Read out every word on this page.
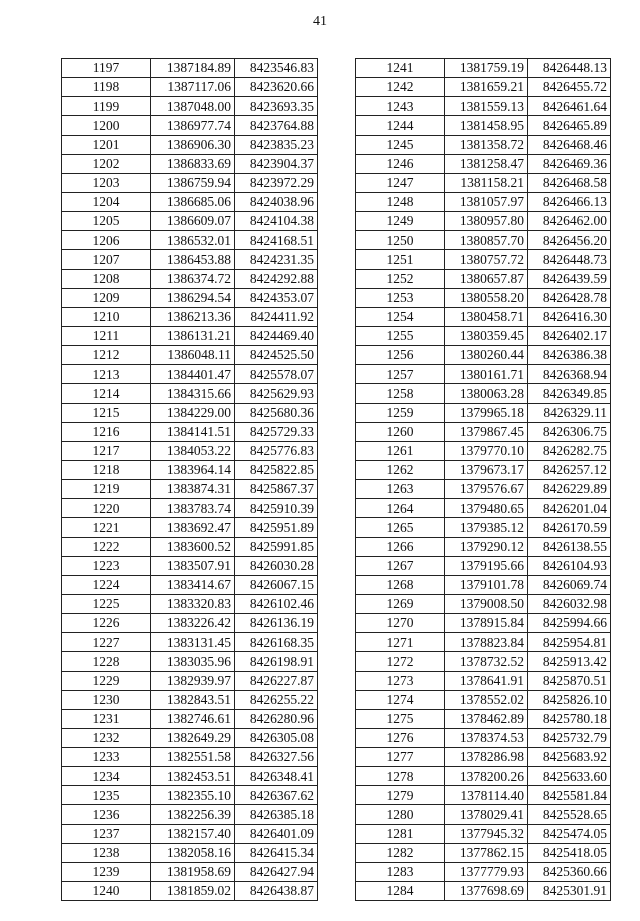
41
1197	1387184.89	8423546.83
1198	1387117.06	8423620.66
1199	1387048.00	8423693.35
1200	1386977.74	8423764.88
1201	1386906.30	8423835.23
1202	1386833.69	8423904.37
1203	1386759.94	8423972.29
1204	1386685.06	8424038.96
1205	1386609.07	8424104.38
1206	1386532.01	8424168.51
1207	1386453.88	8424231.35
1208	1386374.72	8424292.88
1209	1386294.54	8424353.07
1210	1386213.36	8424411.92
1211	1386131.21	8424469.40
1212	1386048.11	8424525.50
1213	1384401.47	8425578.07
1214	1384315.66	8425629.93
1215	1384229.00	8425680.36
1216	1384141.51	8425729.33
1217	1384053.22	8425776.83
1218	1383964.14	8425822.85
1219	1383874.31	8425867.37
1220	1383783.74	8425910.39
1221	1383692.47	8425951.89
1222	1383600.52	8425991.85
1223	1383507.91	8426030.28
1224	1383414.67	8426067.15
1225	1383320.83	8426102.46
1226	1383226.42	8426136.19
1227	1383131.45	8426168.35
1228	1383035.96	8426198.91
1229	1382939.97	8426227.87
1230	1382843.51	8426255.22
1231	1382746.61	8426280.96
1232	1382649.29	8426305.08
1233	1382551.58	8426327.56
1234	1382453.51	8426348.41
1235	1382355.10	8426367.62
1236	1382256.39	8426385.18
1237	1382157.40	8426401.09
1238	1382058.16	8426415.34
1239	1381958.69	8426427.94
1240	1381859.02	8426438.87
1241	1381759.19	8426448.13
1242	1381659.21	8426455.72
1243	1381559.13	8426461.64
1244	1381458.95	8426465.89
1245	1381358.72	8426468.46
1246	1381258.47	8426469.36
1247	1381158.21	8426468.58
1248	1381057.97	8426466.13
1249	1380957.80	8426462.00
1250	1380857.70	8426456.20
1251	1380757.72	8426448.73
1252	1380657.87	8426439.59
1253	1380558.20	8426428.78
1254	1380458.71	8426416.30
1255	1380359.45	8426402.17
1256	1380260.44	8426386.38
1257	1380161.71	8426368.94
1258	1380063.28	8426349.85
1259	1379965.18	8426329.11
1260	1379867.45	8426306.75
1261	1379770.10	8426282.75
1262	1379673.17	8426257.12
1263	1379576.67	8426229.89
1264	1379480.65	8426201.04
1265	1379385.12	8426170.59
1266	1379290.12	8426138.55
1267	1379195.66	8426104.93
1268	1379101.78	8426069.74
1269	1379008.50	8426032.98
1270	1378915.84	8425994.66
1271	1378823.84	8425954.81
1272	1378732.52	8425913.42
1273	1378641.91	8425870.51
1274	1378552.02	8425826.10
1275	1378462.89	8425780.18
1276	1378374.53	8425732.79
1277	1378286.98	8425683.92
1278	1378200.26	8425633.60
1279	1378114.40	8425581.84
1280	1378029.41	8425528.65
1281	1377945.32	8425474.05
1282	1377862.15	8425418.05
1283	1377779.93	8425360.66
1284	1377698.69	8425301.91
